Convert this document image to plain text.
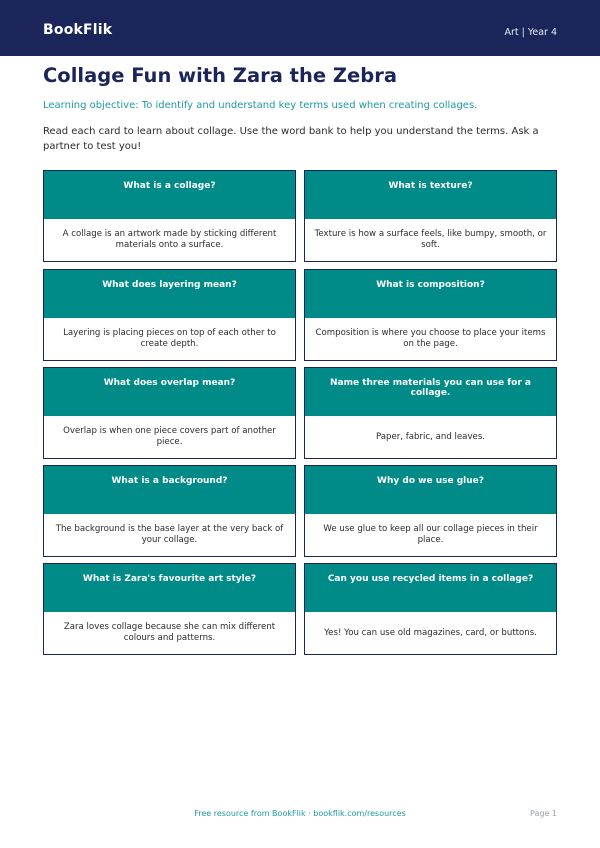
BookFlik	Art | Year 4
Collage Fun with Zara the Zebra
Learning objective: To identify and understand key terms used when creating collages.
Read each card to learn about collage. Use the word bank to help you understand the terms. Ask a partner to test you!
What is a collage?
A collage is an artwork made by sticking different materials onto a surface.
What is texture?
Texture is how a surface feels, like bumpy, smooth, or soft.
What does layering mean?
Layering is placing pieces on top of each other to create depth.
What is composition?
Composition is where you choose to place your items on the page.
What does overlap mean?
Overlap is when one piece covers part of another piece.
Name three materials you can use for a collage.
Paper, fabric, and leaves.
What is a background?
The background is the base layer at the very back of your collage.
Why do we use glue?
We use glue to keep all our collage pieces in their place.
What is Zara's favourite art style?
Zara loves collage because she can mix different colours and patterns.
Can you use recycled items in a collage?
Yes! You can use old magazines, card, or buttons.
Free resource from BookFlik · bookflik.com/resources	Page 1
